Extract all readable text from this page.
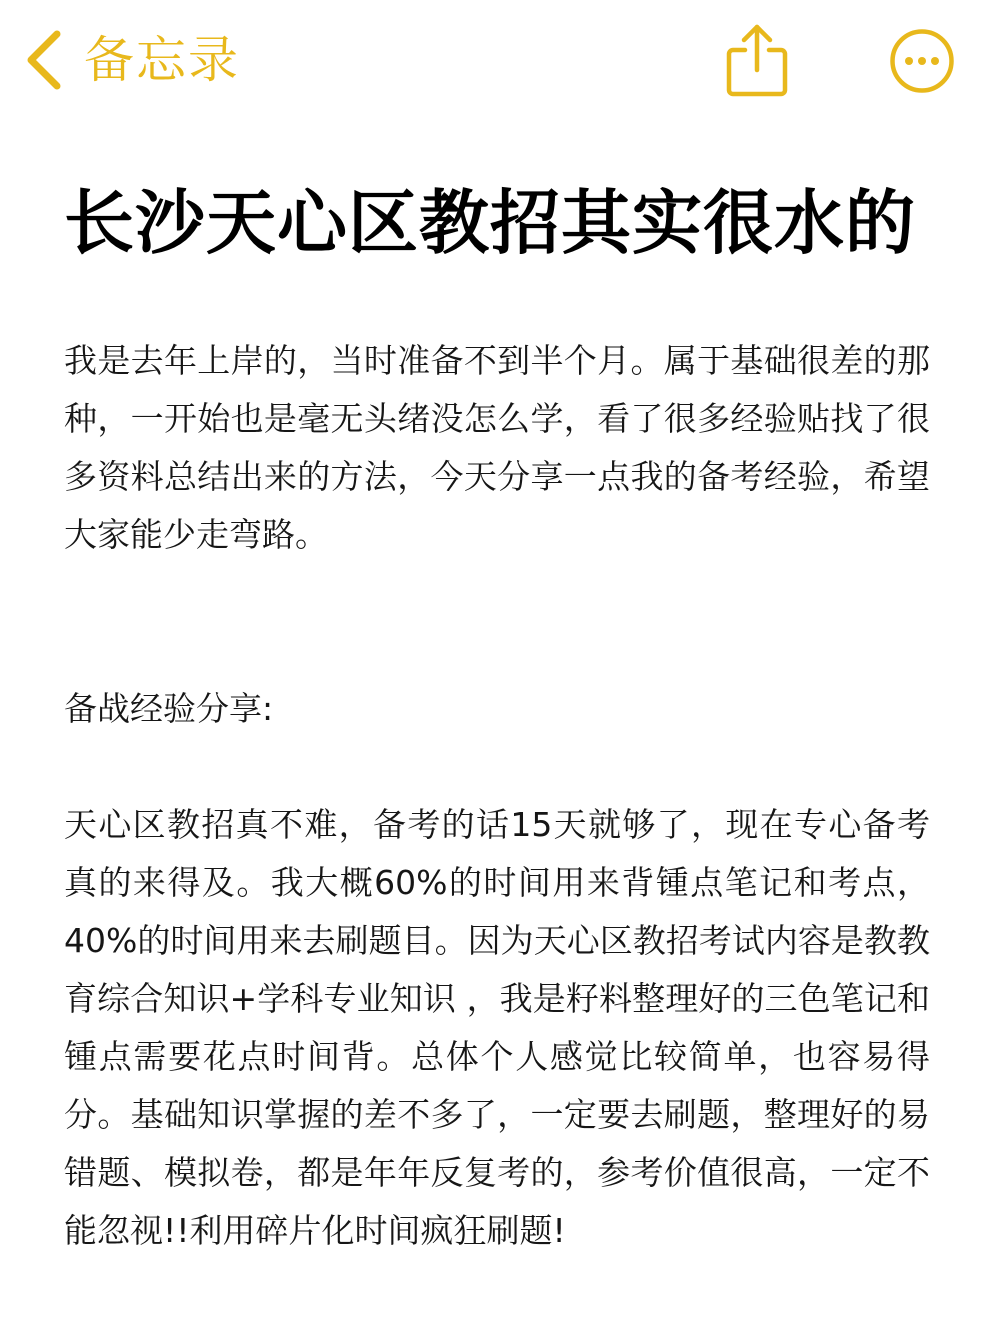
备忘录
长沙天心区教招其实很水的

我是去年上岸的，当时准备不到半个月。属于基础很差的那种，一开始也是毫无头绪没怎么学，看了很多经验贴找了很多资料总结出来的方法，今天分享一点我的备考经验，希望大家能少走弯路。

备战经验分享:

天心区教招真不难，备考的话15天就够了，现在专心备考真的来得及。我大概60%的时间用来背锺点笔记和考点，40%的时间用来去刷题目。因为天心区教招考试内容是教教育综合知识+学科专业知识 ，我是籽料整理好的三色笔记和锺点需要花点时间背。总体个人感觉比较简单，也容易得分。基础知识掌握的差不多了，一定要去刷题，整理好的易错题、模拟卷，都是年年反复考的，参考价值很高，一定不能忽视!!利用碎片化时间疯狂刷题!
